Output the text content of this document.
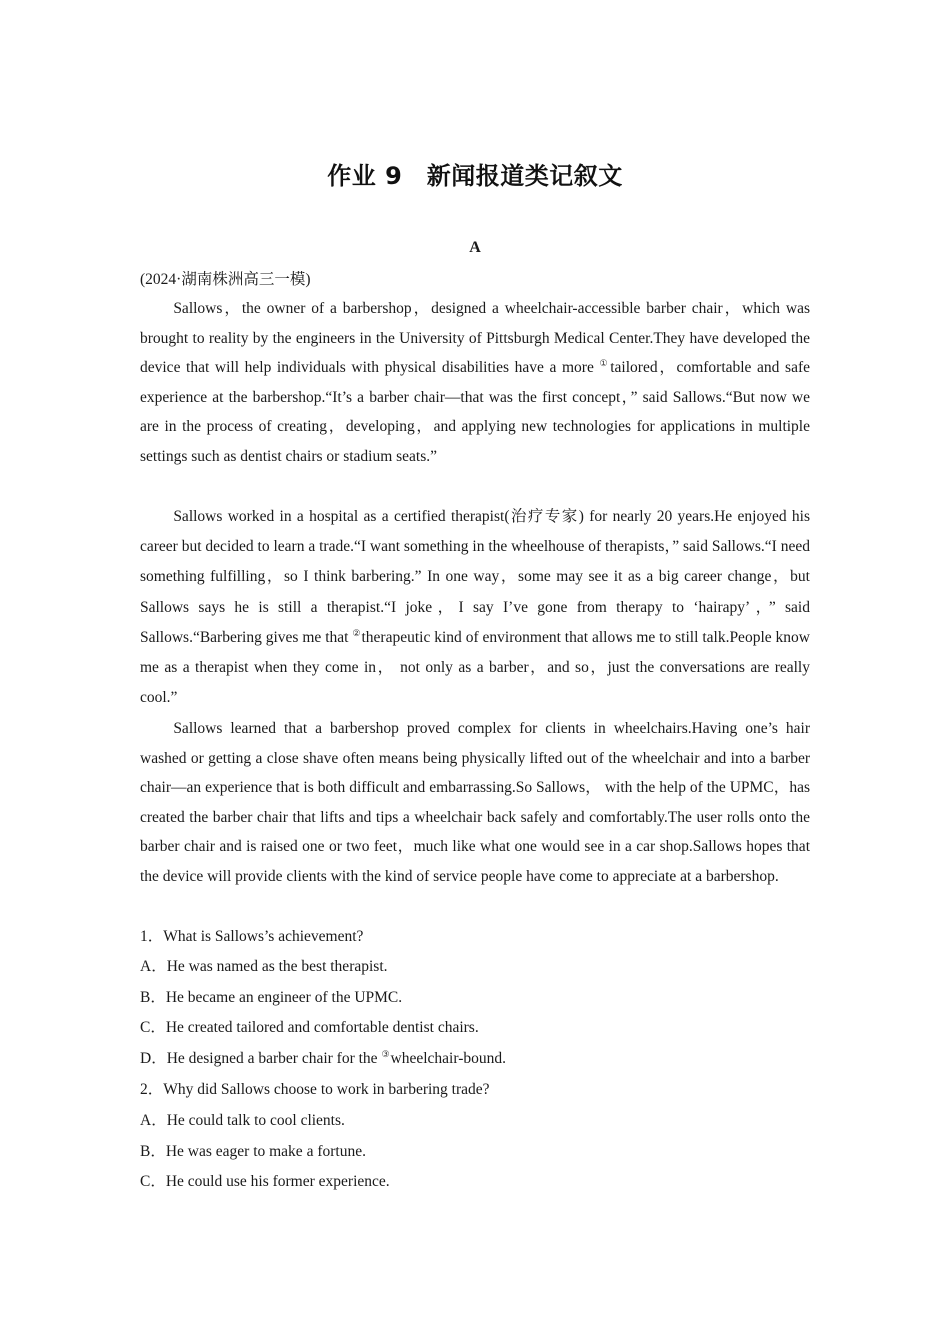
作业 9　新闻报道类记叙文
A
(2024·湖南株洲高三一模)

Sallows，the owner of a barbershop，designed a wheelchair-accessible barber chair，which was brought to reality by the engineers in the University of Pittsburgh Medical Center.They have developed the device that will help individuals with physical disabilities have a more ①tailored，comfortable and safe experience at the barbershop.“It’s a barber chair—that was the first concept，” said Sallows.“But now we are in the process of creating，developing，and applying new technologies for applications in multiple settings such as dentist chairs or stadium seats.”

Sallows worked in a hospital as a certified therapist(治疗专家) for nearly 20 years.He enjoyed his career but decided to learn a trade.“I want something in the wheelhouse of therapists，” said Sallows.“I need something fulfilling，so I think barbering.” In one way，some may see it as a big career change，but Sallows says he is still a therapist.“I joke，I say I’ve gone from therapy to ‘hairapy’，” said Sallows.“Barbering gives me that ②therapeutic kind of environment that allows me to still talk.People know me as a therapist when they come in， not only as a barber，and so，just the conversations are really cool.”

Sallows learned that a barbershop proved complex for clients in wheelchairs.Having one’s hair washed or getting a close shave often means being physically lifted out of the wheelchair and into a barber chair—an experience that is both difficult and embarrassing.So Sallows， with the help of the UPMC，has created the barber chair that lifts and tips a wheelchair back safely and comfortably.The user rolls onto the barber chair and is raised one or two feet，much like what one would see in a car shop.Sallows hopes that the device will provide clients with the kind of service people have come to appreciate at a barbershop.

1．What is Sallows’s achievement?
A．He was named as the best therapist.
B．He became an engineer of the UPMC.
C．He created tailored and comfortable dentist chairs.
D．He designed a barber chair for the ③wheelchair-bound.
2．Why did Sallows choose to work in barbering trade?
A．He could talk to cool clients.
B．He was eager to make a fortune.
C．He could use his former experience.
